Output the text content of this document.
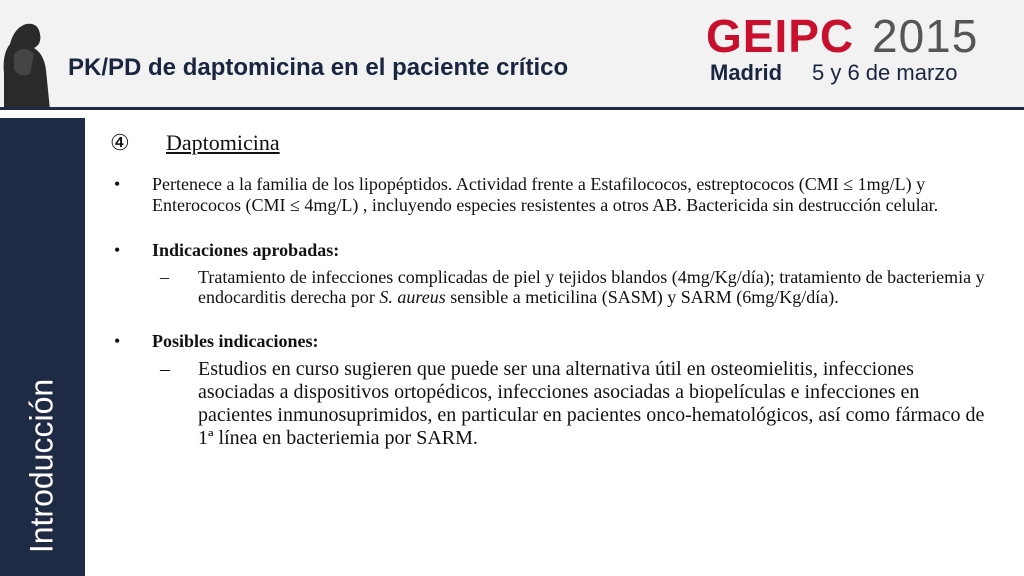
PK/PD de daptomicina en el paciente crítico
GEIPC 2015
Madrid 5 y 6 de marzo
Introducción
④	Daptomicina
• Pertenece a la familia de los lipopéptidos. Actividad frente a Estafilococos, estreptococos (CMI ≤ 1mg/L) y Enterococos (CMI ≤ 4mg/L) , incluyendo especies resistentes a otros AB. Bactericida sin destrucción celular.
• Indicaciones aprobadas:
– Tratamiento de infecciones complicadas de piel y tejidos blandos (4mg/Kg/día); tratamiento de bacteriemia y endocarditis derecha por S. aureus sensible a meticilina (SASM) y SARM (6mg/Kg/día).
• Posibles indicaciones:
– Estudios en curso sugieren que puede ser una alternativa útil en osteomielitis, infecciones asociadas a dispositivos ortopédicos, infecciones asociadas a biopelículas e infecciones en pacientes inmunosuprimidos, en particular en pacientes onco-hematológicos, así como fármaco de 1ª línea en bacteriemia por SARM.
